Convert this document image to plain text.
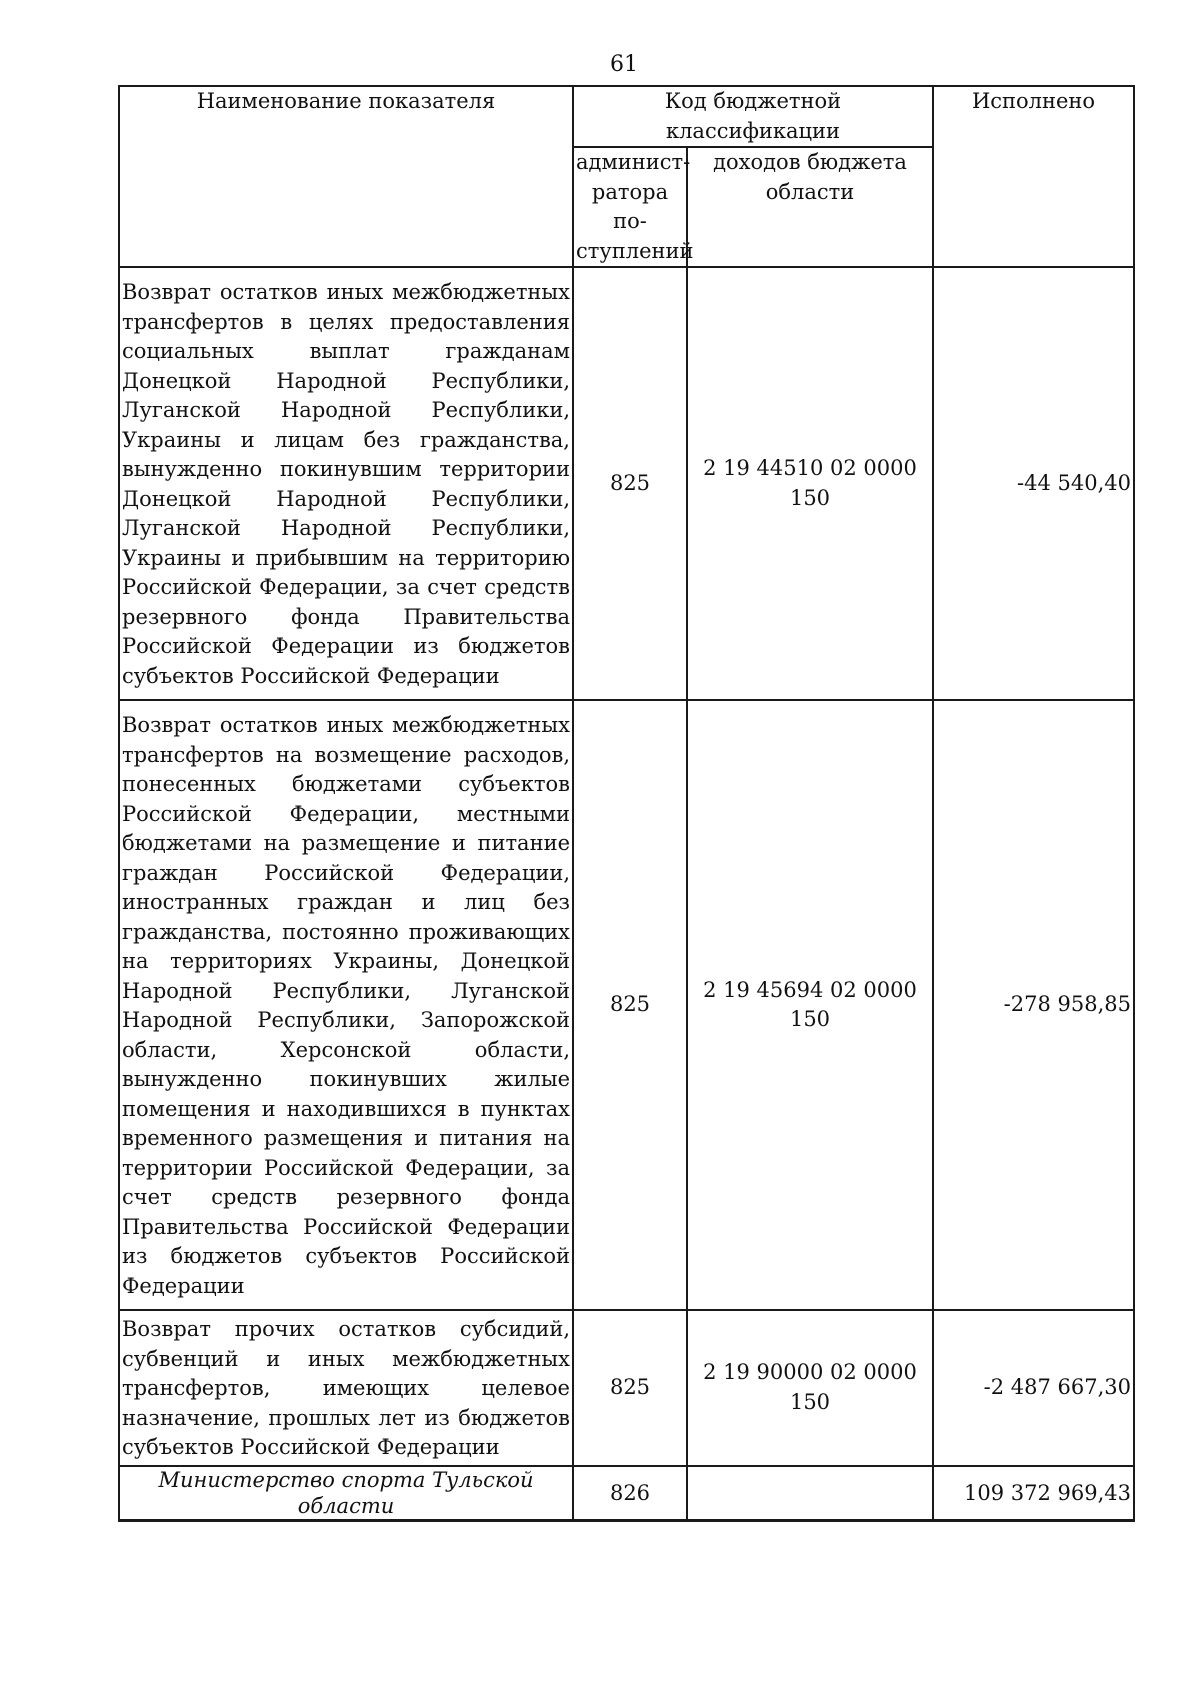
61
Наименование показателя	Код бюджетной классификации		Исполнено
	админист-ратора по-ступлений	доходов бюджета области	
Возврат остатков иных межбюджетных трансфертов в целях предоставления социальных выплат гражданам Донецкой Народной Республики, Луганской Народной Республики, Украины и лицам без гражданства, вынужденно покинувшим территории Донецкой Народной Республики, Луганской Народной Республики, Украины и прибывшим на территорию Российской Федерации, за счет средств резервного фонда Правительства Российской Федерации из бюджетов субъектов Российской Федерации	825	2 19 44510 02 0000 150	-44 540,40
Возврат остатков иных межбюджетных трансфертов на возмещение расходов, понесенных бюджетами субъектов Российской Федерации, местными бюджетами на размещение и питание граждан Российской Федерации, иностранных граждан и лиц без гражданства, постоянно проживающих на территориях Украины, Донецкой Народной Республики, Луганской Народной Республики, Запорожской области, Херсонской области, вынужденно покинувших жилые помещения и находившихся в пунктах временного размещения и питания на территории Российской Федерации, за счет средств резервного фонда Правительства Российской Федерации из бюджетов субъектов Российской Федерации	825	2 19 45694 02 0000 150	-278 958,85
Возврат прочих остатков субсидий, субвенций и иных межбюджетных трансфертов, имеющих целевое назначение, прошлых лет из бюджетов субъектов Российской Федерации	825	2 19 90000 02 0000 150	-2 487 667,30
Министерство спорта Тульской области	826		109 372 969,43
